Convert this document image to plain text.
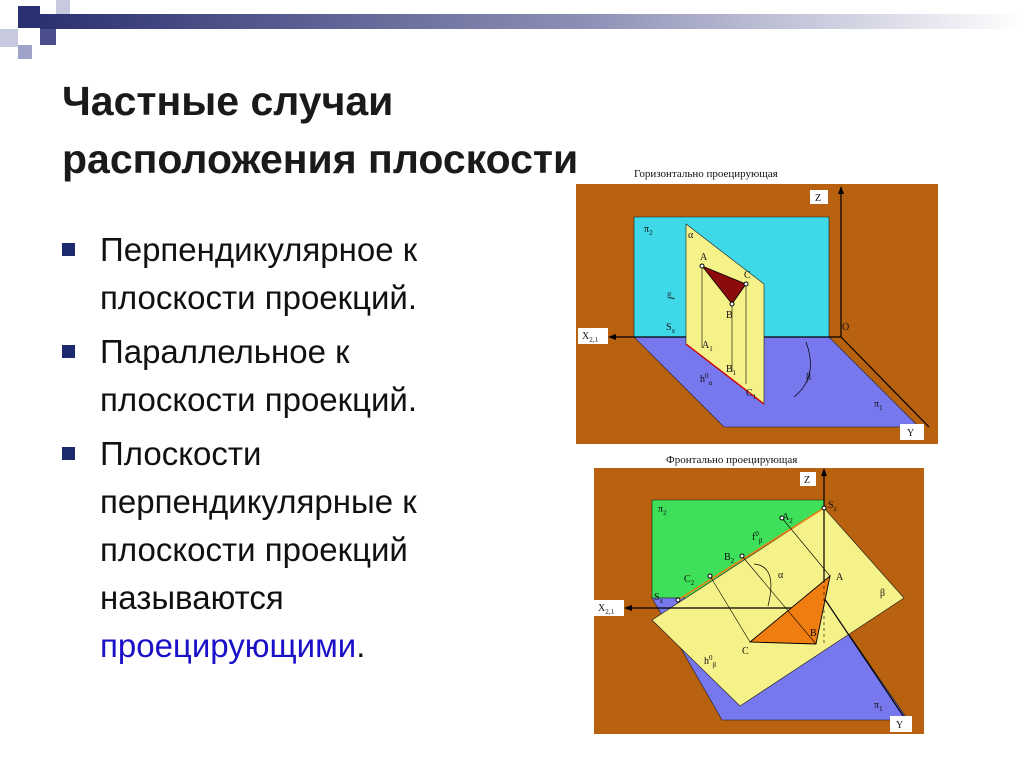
Частные случаи расположения плоскости
Перпендикулярное к плоскости проекций.
Параллельное к плоскости проекций.
Плоскости перпендикулярные к плоскости проекций называются проецирующими.
Горизонтально проецирующая
Z
$X_{2,1}$
Y
O
A
C
B
α
$\pi_2$
$\pi_1$
$S_x$
$A_1$
$B_1$
$C_1$
$f^\alpha$
$h^0_\alpha$	β
Фронтально проецирующая
Z
$X_{2,1}$
Y
$S_z$
$S_x$
$A_2$
$B_2$
$C_2$	A
B
C
$\pi_2$
$\pi_1$
β
α
$f^0_\beta$
$h^0_\beta$
